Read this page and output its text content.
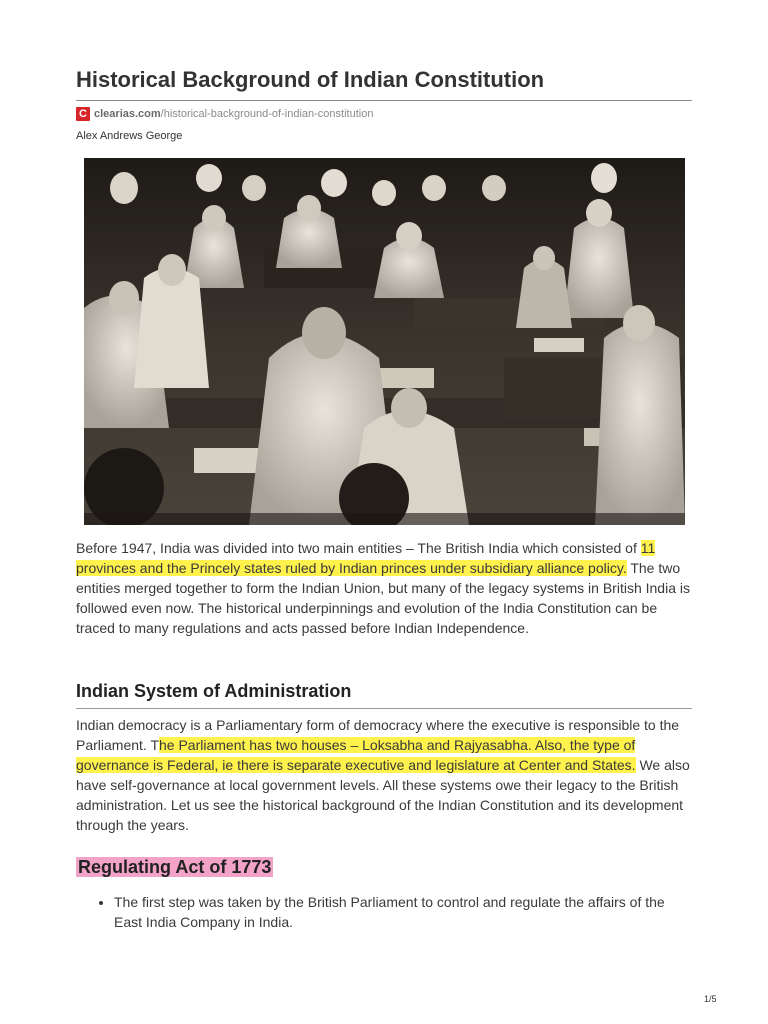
Historical Background of Indian Constitution
C clearias.com /historical-background-of-indian-constitution
Alex Andrews George

Before 1947, India was divided into two main entities – The British India which consisted of 11 provinces and the Princely states ruled by Indian princes under subsidiary alliance policy. The two entities merged together to form the Indian Union, but many of the legacy systems in British India is followed even now. The historical underpinnings and evolution of the India Constitution can be traced to many regulations and acts passed before Indian Independence.

Indian System of Administration

Indian democracy is a Parliamentary form of democracy where the executive is responsible to the Parliament. The Parliament has two houses – Loksabha and Rajyasabha. Also, the type of governance is Federal, ie there is separate executive and legislature at Center and States. We also have self-governance at local government levels. All these systems owe their legacy to the British administration. Let us see the historical background of the Indian Constitution and its development through the years.

Regulating Act of 1773
• The first step was taken by the British Parliament to control and regulate the affairs of the East India Company in India.
1/5
